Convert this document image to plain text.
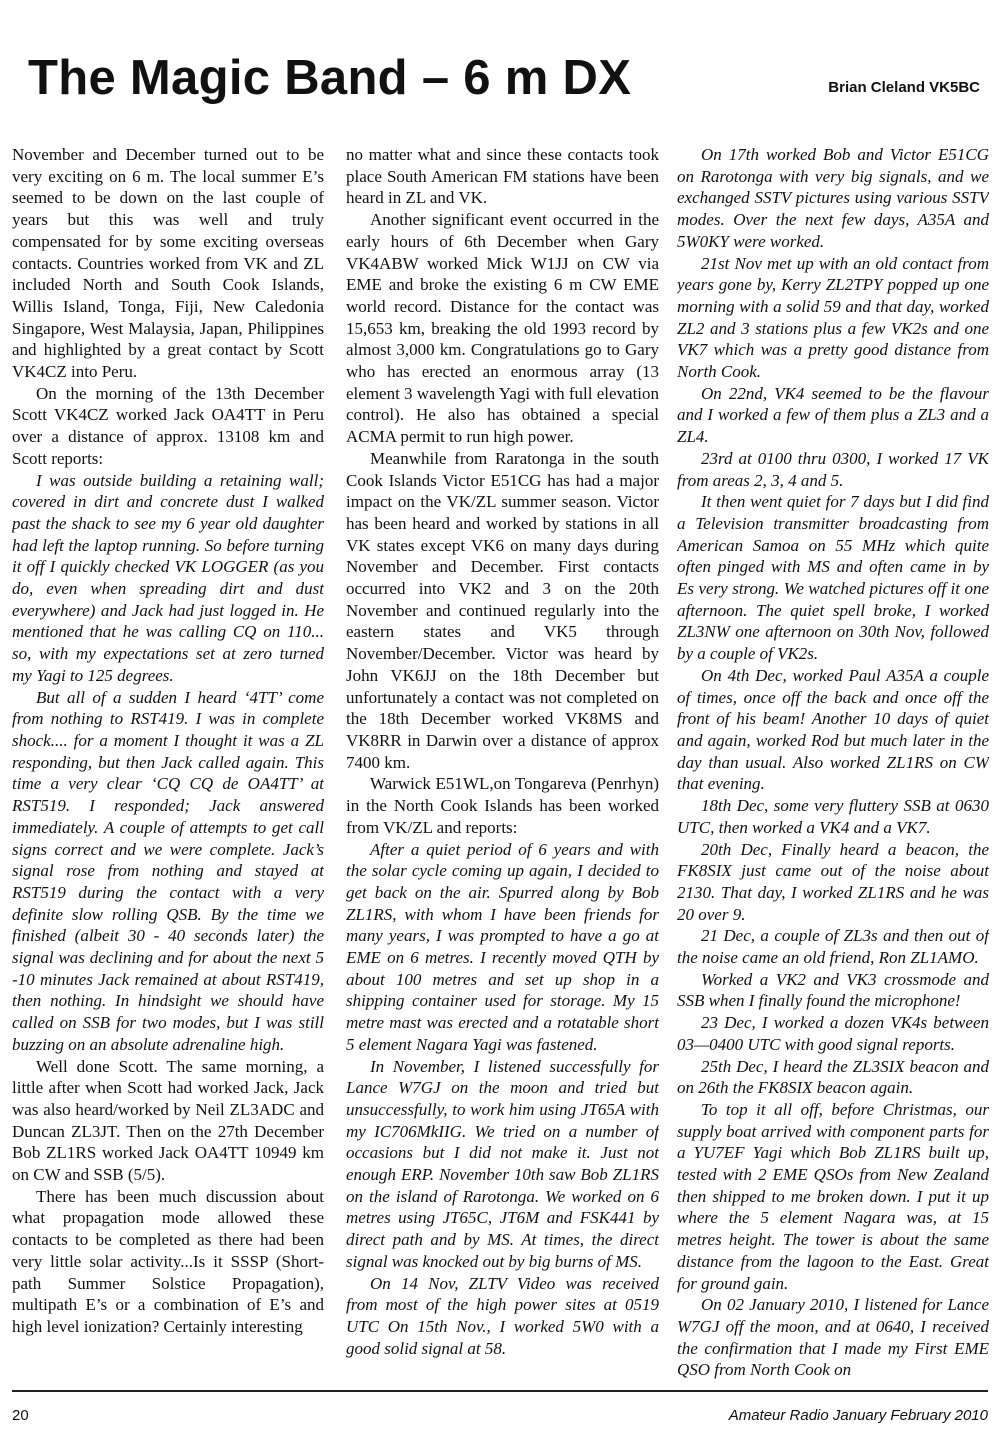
The Magic Band – 6 m DX	Brian Cleland VK5BC

November and December turned out to be very exciting on 6 m. The local summer E’s seemed to be down on the last couple of years but this was well and truly compensated for by some exciting overseas contacts. Countries worked from VK and ZL included North and South Cook Islands, Willis Island, Tonga, Fiji, New Caledonia Singapore, West Malaysia, Japan, Philippines and highlighted by a great contact by Scott VK4CZ into Peru.

On the morning of the 13th December Scott VK4CZ worked Jack OA4TT in Peru over a distance of approx. 13108 km and Scott reports:

I was outside building a retaining wall; covered in dirt and concrete dust I walked past the shack to see my 6 year old daughter had left the laptop running. So before turning it off I quickly checked VK LOGGER (as you do, even when spreading dirt and dust everywhere) and Jack had just logged in. He mentioned that he was calling CQ on 110... so, with my expectations set at zero turned my Yagi to 125 degrees.

But all of a sudden I heard ‘4TT’ come from nothing to RST419. I was in complete shock.... for a moment I thought it was a ZL responding, but then Jack called again. This time a very clear ‘CQ CQ de OA4TT’ at RST519. I responded; Jack answered immediately. A couple of attempts to get call signs correct and we were complete. Jack’s signal rose from nothing and stayed at RST519 during the contact with a very definite slow rolling QSB. By the time we finished (albeit 30 - 40 seconds later) the signal was declining and for about the next 5 -10 minutes Jack remained at about RST419, then nothing. In hindsight we should have called on SSB for two modes, but I was still buzzing on an absolute adrenaline high.

Well done Scott. The same morning, a little after when Scott had worked Jack, Jack was also heard/worked by Neil ZL3ADC and Duncan ZL3JT. Then on the 27th December Bob ZL1RS worked Jack OA4TT 10949 km on CW and SSB (5/5).

There has been much discussion about what propagation mode allowed these contacts to be completed as there had been very little solar activity...Is it SSSP (Short-path Summer Solstice Propagation), multipath E’s or a combination of E’s and high level ionization? Certainly interesting

no matter what and since these contacts took place South American FM stations have been heard in ZL and VK.

Another significant event occurred in the early hours of 6th December when Gary VK4ABW worked Mick W1JJ on CW via EME and broke the existing 6 m CW EME world record. Distance for the contact was 15,653 km, breaking the old 1993 record by almost 3,000 km. Congratulations go to Gary who has erected an enormous array (13 element 3 wavelength Yagi with full elevation control). He also has obtained a special ACMA permit to run high power.

Meanwhile from Raratonga in the south Cook Islands Victor E51CG has had a major impact on the VK/ZL summer season. Victor has been heard and worked by stations in all VK states except VK6 on many days during November and December. First contacts occurred into VK2 and 3 on the 20th November and continued regularly into the eastern states and VK5 through November/December. Victor was heard by John VK6JJ on the 18th December but unfortunately a contact was not completed on the 18th December worked VK8MS and VK8RR in Darwin over a distance of approx 7400 km.

Warwick E51WL,on Tongareva (Penrhyn) in the North Cook Islands has been worked from VK/ZL and reports:

After a quiet period of 6 years and with the solar cycle coming up again, I decided to get back on the air. Spurred along by Bob ZL1RS, with whom I have been friends for many years, I was prompted to have a go at EME on 6 metres. I recently moved QTH by about 100 metres and set up shop in a shipping container used for storage. My 15 metre mast was erected and a rotatable short 5 element Nagara Yagi was fastened.

In November, I listened successfully for Lance W7GJ on the moon and tried but unsuccessfully, to work him using JT65A with my IC706MkIIG. We tried on a number of occasions but I did not make it. Just not enough ERP. November 10th saw Bob ZL1RS on the island of Rarotonga. We worked on 6 metres using JT65C, JT6M and FSK441 by direct path and by MS. At times, the direct signal was knocked out by big burns of MS.

On 14 Nov, ZLTV Video was received from most of the high power sites at 0519 UTC On 15th Nov., I worked 5W0 with a good solid signal at 58.

On 17th worked Bob and Victor E51CG on Rarotonga with very big signals, and we exchanged SSTV pictures using various SSTV modes. Over the next few days, A35A and 5W0KY were worked.

21st Nov met up with an old contact from years gone by, Kerry ZL2TPY popped up one morning with a solid 59 and that day, worked ZL2 and 3 stations plus a few VK2s and one VK7 which was a pretty good distance from North Cook.

On 22nd, VK4 seemed to be the flavour and I worked a few of them plus a ZL3 and a ZL4.

23rd at 0100 thru 0300, I worked 17 VK from areas 2, 3, 4 and 5.

It then went quiet for 7 days but I did find a Television transmitter broadcasting from American Samoa on 55 MHz which quite often pinged with MS and often came in by Es very strong. We watched pictures off it one afternoon. The quiet spell broke, I worked ZL3NW one afternoon on 30th Nov, followed by a couple of VK2s.

On 4th Dec, worked Paul A35A a couple of times, once off the back and once off the front of his beam! Another 10 days of quiet and again, worked Rod but much later in the day than usual. Also worked ZL1RS on CW that evening.

18th Dec, some very fluttery SSB at 0630 UTC, then worked a VK4 and a VK7.

20th Dec, Finally heard a beacon, the FK8SIX just came out of the noise about 2130. That day, I worked ZL1RS and he was 20 over 9.

21 Dec, a couple of ZL3s and then out of the noise came an old friend, Ron ZL1AMO.

Worked a VK2 and VK3 crossmode and SSB when I finally found the microphone!

23 Dec, I worked a dozen VK4s between 03—0400 UTC with good signal reports.

25th Dec, I heard the ZL3SIX beacon and on 26th the FK8SIX beacon again.

To top it all off, before Christmas, our supply boat arrived with component parts for a YU7EF Yagi which Bob ZL1RS built up, tested with 2 EME QSOs from New Zealand then shipped to me broken down. I put it up where the 5 element Nagara was, at 15 metres height. The tower is about the same distance from the lagoon to the East. Great for ground gain.

On 02 January 2010, I listened for Lance W7GJ off the moon, and at 0640, I received the confirmation that I made my First EME QSO from North Cook on

20	Amateur Radio January February 2010
